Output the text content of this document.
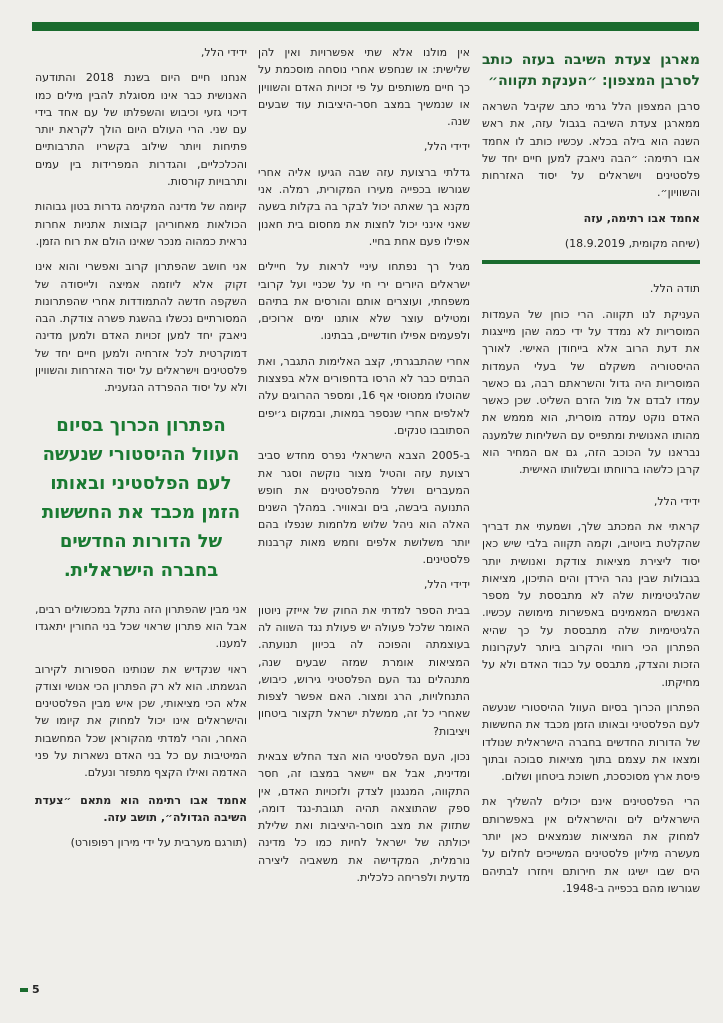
מארגן צעדת השיבה בעזה כותב לסרבן המצפון: ״הענקת תקווה״

סרבן המצפון הלל גרמי כתב שקיבל השראה ממארגן צעדת השיבה בגבול עזה, את ראש השנה הוא בילה בכלא. עכשיו כותב לו אחמד אבו רתימה: ״הבה ניאבק למען חיים יחד של פלסטינים וישראלים על יסוד האזרחות והשוויון״.

אחמד אבו רתימה, עזה

(שיחה מקומית, 18.9.2019)

תודה הלל.

העניקת לנו תקווה. הרי כוחן של העמדות המוסריות לא נמדד על ידי כמה שהן מייצגות את דעת הרוב אלא בייחודן האישי. לאורך ההיסטוריה משקלם של בעלי העמדות המוסריות היה גדול והשראתם רבה, גם כאשר עמדו לבדם אל מול הזרם השליט. שכן כאשר האדם נוקט עמדה מוסרית, הוא מממש את מהותו האנושית ומתפייס עם השליחות שלמענה נבראנו על הכוכב הזה, גם אם המחיר הוא קרבן כלשהו ברווחתו ובשלוותו האישית.

ידידי הלל,

קראתי את המכתב שלך, ושמעתי את דבריך שהקלטת ביוטיוב, וקמה תקווה בלבי שיש כאן יסוד ליצירת מציאות צודקת ואנושית יותר בגבולות שבין נהר הירדן והים התיכון, מציאות שהלגיטימיות שלה לא מתבססת על מספר האנשים המאמינים באפשרות מימושה עכשיו. הלגיטימיות שלה מתבססת על כך שהיא הפתרון הכי רווחי והקרוב ביותר לעקרונות הזכות והצדק, מתבסס על כבוד האדם ולא על מחיקתו.

הפתרון הכרוך בסיום העוול ההיסטורי שנעשה לעם הפלסטיני ובאותו הזמן מכבד את החששות של הדורות החדשים בחברה הישראלית שנולדו ומצאו את עצמם בתוך מציאות סבוכה ובתוך פיסת ארץ מסוכסכת, חשוכת ביטחון ושלום.

הרי הפלסטינים אינם יכולים להשליך את הישראלים לים והישראלים אין באפשרותם למחוק את המציאות שנמצאים כאן יותר מעשרה מיליון פלסטינים המשייכים לחלום על הים שבו ישיגו את חירותם ויחזרו לבתיהם שגורשו מהם בכפייה ב-1948.

אין מולנו אלא שתי אפשרויות ואין להן שלישית: או שנחפש אחרי נוסחה מוסכמת על כך חיים משותפים על פי זכויות האדם והשוויון או שנמשיך במצב חסר-היציבות עוד שבעים שנה.

ידידי הלל,

גדלתי ברצועת עזה שבה הגיעו אליה אחרי שגורשו בכפייה מעירו המקורית, רמלה. אני מקנא בך שאתה יכול לבקר בה בקלות בשעה שאני אינני יכול לחצות את מחסום בית חאנון אפילו פעם אחת בחיי.

מגיל רך נפתחו עיניי לראות על חיילים ישראלים היורים ירי חי על שכניי ועל קרובי משפחתי, ועוצרים אותם והורסים את בתיהם ומטילים עוצר שלא אותנו ימים ארוכים, ולפעמים אפילו חודשיים, בבתינו.

אחרי שהתבגרתי, קצב האלימות התגבר, ואת הבתים כבר לא הרסו בדחפורים אלא בפצצות שהוטלו ממטוסי אף 16, ומספר ההרוגים עלה לאלפים אחרי שנספר במאות, ובמקום ג׳יפים הסתובבו טנקים.

ב-2005 הצבא הישראלי נפרס מחדש סביב רצועת עזה והטיל מצור נוקשה וסגר את המעברים ושלל מהפלסטינים את חופש התנועה ביבשה, בים ובאוויר. במהלך השנים האלה הוא ניהל שלוש מלחמות שנפלו בהם יותר משלושת אלפים וחמש מאות קרבנות פלסטינים.

ידידי הלל,

בבית הספר למדתי את החוק של אייזק ניוטון האומר שלכל פעולה יש פעולת נגד השווה לה בעוצמתה והפוכה לה בכיוון תנועתה. המציאות אומרת שמזה שבעים שנה, מתנהלים נגד העם הפלסטיני גירוש, כיבוש, התנחלויות, הרג ומצור. האם אפשר לצפות שאחרי כל זה, ממשלת ישראל תקצור ביטחון ויציבות?

נכון, העם הפלסטיני הוא הצד החלש צבאית ומדינית, אבל אם יישאר במצבו זה, חסר התקווה, המנגנון לצדק ולזכויות האדם, אין ספק שהתוצאה תהיה תגובת-נגד דומה, שתזוק את מצב חוסר-היציבות ואת שלילת יכולתה של ישראל לחיות כמו כל מדינה נורמלית, המקדישה את משאביה ליצירה מדעית ולפריחה כלכלית.

ידידי הלל,

אנחנו חיים היום בשנת 2018 והתודעה האנושית כבר אינו מסוגלת להבין מילים כמו דיכוי גזעי וכיבוש והשפלתו של עם אחד בידי עם שני. הרי העולם היום הולך לקראת יותר פתיחות ויותר שילוב בקשריו התרבותיים והכלכליים, והגדרות המפרידות בין עמים ותרבויות קורסות.

קיומה של מדינה המקימה גדרות בטון גבוהות הכולאות מאחוריהן קבוצות אתניות אחרות נראית כמהוה מנכר שאינו הולם את רוח הזמן.

אני חושב שהפתרון קרוב ואפשרי והוא אינו זקוק אלא ליוזמה אמיצה ולייסודה של השקפה חדשה להתמודדות אחרי שהפתרונות המסורתיים נכשלו בהשגת פשרה צודקת. הבה ניאבק יחד למען זכויות האדם ולמען מדינה דמוקרטית לכל אזרחיה ולמען חיים יחד של פלסטינים וישראלים על יסוד האזרחות והשוויון ולא על יסוד ההפרדה הגזענית.

הפתרון הכרוך בסיום העוול ההיסטורי שנעשה לעם הפלסטיני ובאותו הזמן מכבד את החששות של הדורות החדשים בחברה הישראלית.

אני מבין שהפתרון הזה נתקל במכשולים רבים, אבל הוא פתרון שראוי שכל בני החורין יתאגדו למענו.

ראוי שנקדיש את שנותינו הספורות לקירוב הגשמתו. הוא לא רק הפתרון הכי אנושי וצודק אלא הכי מציאותי, שכן איש מבין הפלסטינים והישראלים אינו יכול למחוק את קיומו של האחר, והרי למדתי מהקוראן שכל המחשבות המיטיבות עם כל בני האדם נשארות על פני האדמה ואילו הקצף מתפזר ונעלם.

אחמד אבו רתימה הוא מתאם ״צעדת השיבה הגדולה״, תושב עזה.

(תורגם מערבית על ידי מירון רפופורט)

5
